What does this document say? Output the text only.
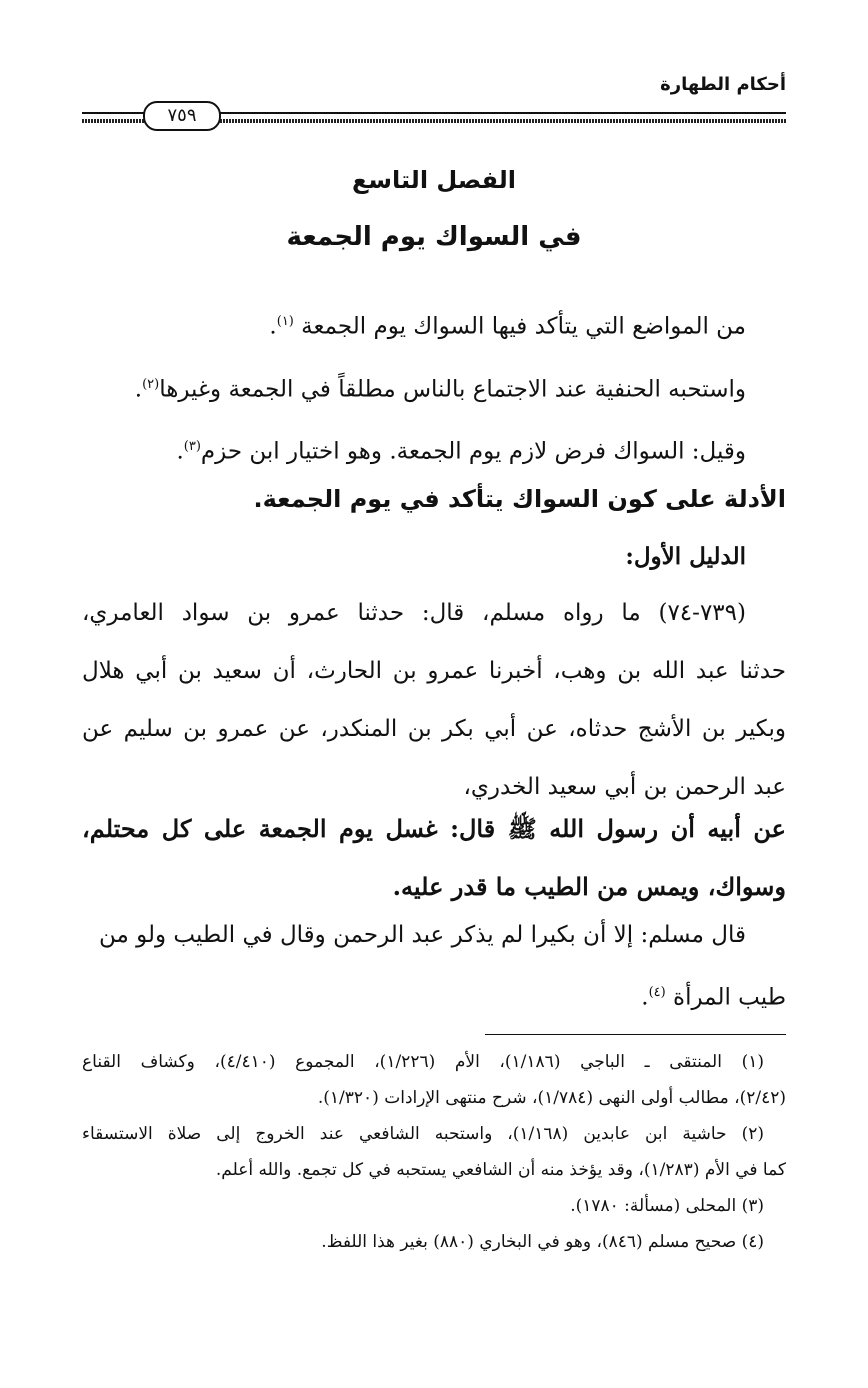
أحكام الطهارة
٧٥٩
الفصل التاسع
في السواك يوم الجمعة
من المواضع التي يتأكد فيها السواك يوم الجمعة $^{(١)}$.
واستحبه الحنفية عند الاجتماع بالناس مطلقاً في الجمعة وغيرها$^{(٢)}$.
وقيل: السواك فرض لازم يوم الجمعة. وهو اختيار ابن حزم$^{(٣)}$.
الأدلة على كون السواك يتأكد في يوم الجمعة.
الدليل الأول:
(٧٣٩-٧٤) ما رواه مسلم، قال: حدثنا عمرو بن سواد العامري،
حدثنا عبد الله بن وهب، أخبرنا عمرو بن الحارث، أن سعيد بن أبي هلال
وبكير بن الأشج حدثاه، عن أبي بكر بن المنكدر، عن عمرو بن سليم عن
عبد الرحمن بن أبي سعيد الخدري،
عن أبيه أن رسول الله ﷺ قال: غسل يوم الجمعة على كل محتلم،
وسواك، ويمس من الطيب ما قدر عليه.
قال مسلم: إلا أن بكيرا لم يذكر عبد الرحمن وقال في الطيب ولو من
طيب المرأة $^{(٤)}$.
(١) المنتقى ـ الباجي (١/١٨٦)، الأم (١/٢٢٦)، المجموع (٤/٤١٠)، وكشاف القناع
(٢/٤٢)، مطالب أولى النهى (١/٧٨٤)، شرح منتهى الإرادات (١/٣٢٠).
(٢) حاشية ابن عابدين (١/١٦٨)، واستحبه الشافعي عند الخروج إلى صلاة الاستسقاء
كما في الأم (١/٢٨٣)، وقد يؤخذ منه أن الشافعي يستحبه في كل تجمع. والله أعلم.
(٣) المحلى (مسألة: ١٧٨٠).
(٤) صحيح مسلم (٨٤٦)، وهو في البخاري (٨٨٠) بغير هذا اللفظ.
